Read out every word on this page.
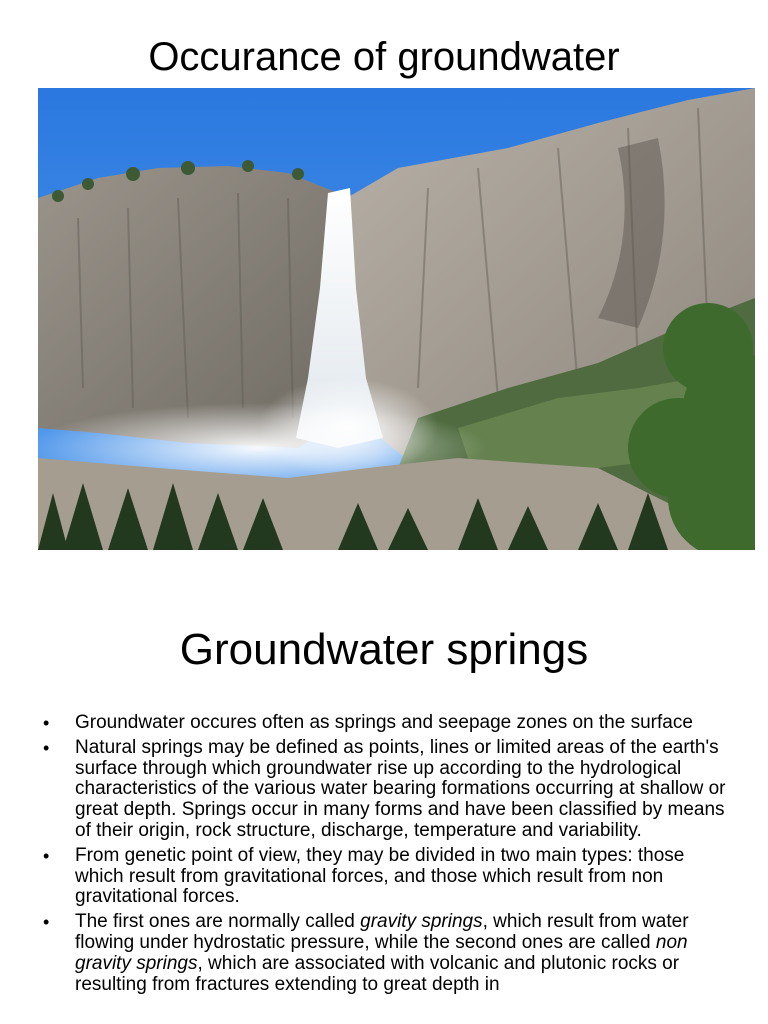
Occurance of groundwater
Groundwater springs
• Groundwater occures often as springs and seepage zones on the surface
• Natural springs may be defined as points, lines or limited areas of the earth's surface through which groundwater rise up according to the hydrological characteristics of the various water bearing formations occurring at shallow or great depth. Springs occur in many forms and have been classified by means of their origin, rock structure, discharge, temperature and variability.
• From genetic point of view, they may be divided in two main types: those which result from gravitational forces, and those which result from non gravitational forces.
• The first ones are normally called gravity springs, which result from water flowing under hydrostatic pressure, while the second ones are called non gravity springs, which are associated with volcanic and plutonic rocks or resulting from fractures extending to great depth in
